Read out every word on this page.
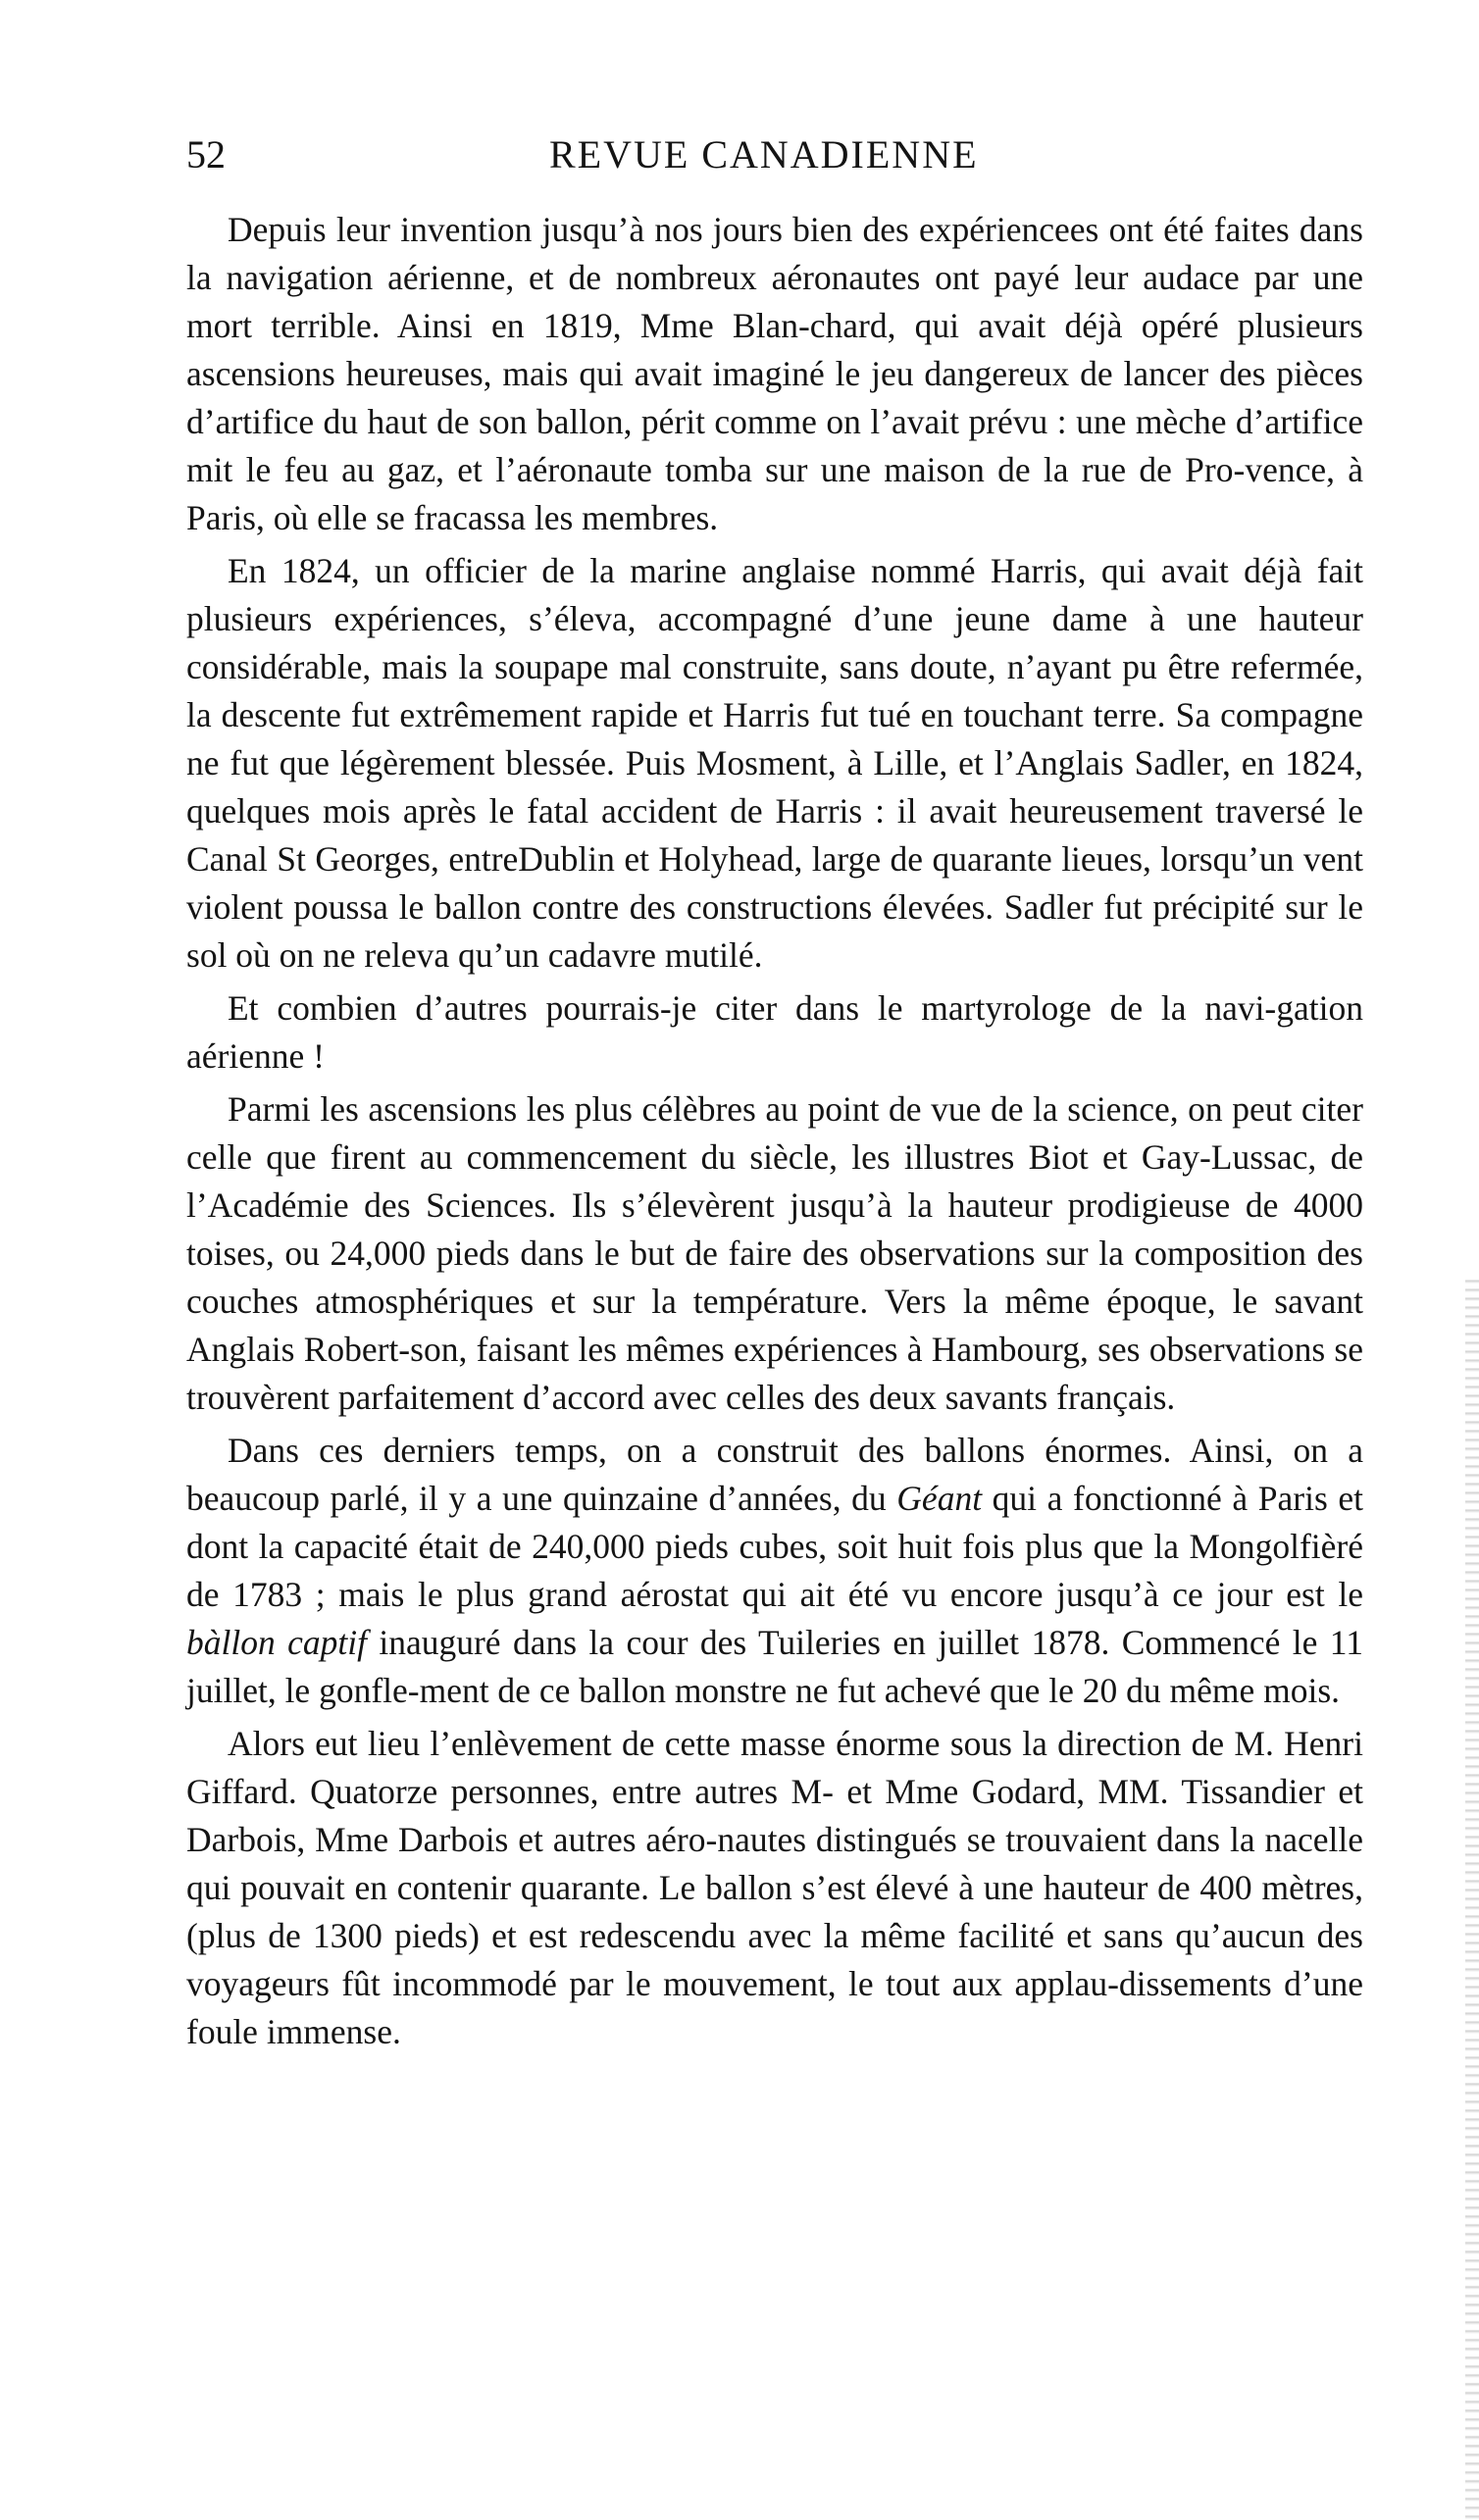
52	REVUE CANADIENNE

Depuis leur invention jusqu’à nos jours bien des expériencees ont été faites dans la navigation aérienne, et de nombreux aéronautes ont payé leur audace par une mort terrible. Ainsi en 1819, Mme Blan-chard, qui avait déjà opéré plusieurs ascensions heureuses, mais qui avait imaginé le jeu dangereux de lancer des pièces d’artifice du haut de son ballon, périt comme on l’avait prévu : une mèche d’artifice mit le feu au gaz, et l’aéronaute tomba sur une maison de la rue de Pro-vence, à Paris, où elle se fracassa les membres.

En 1824, un officier de la marine anglaise nommé Harris, qui avait déjà fait plusieurs expériences, s’éleva, accompagné d’une jeune dame à une hauteur considérable, mais la soupape mal construite, sans doute, n’ayant pu être refermée, la descente fut extrêmement rapide et Harris fut tué en touchant terre. Sa compagne ne fut que légèrement blessée. Puis Mosment, à Lille, et l’Anglais Sadler, en 1824, quelques mois après le fatal accident de Harris : il avait heureusement traversé le Canal St Georges, entreDublin et Holyhead, large de quarante lieues, lorsqu’un vent violent poussa le ballon contre des constructions élevées. Sadler fut précipité sur le sol où on ne releva qu’un cadavre mutilé.

Et combien d’autres pourrais-je citer dans le martyrologe de la navi-gation aérienne !

Parmi les ascensions les plus célèbres au point de vue de la science, on peut citer celle que firent au commencement du siècle, les illustres Biot et Gay-Lussac, de l’Académie des Sciences. Ils s’élevèrent jusqu’à la hauteur prodigieuse de 4000 toises, ou 24,000 pieds dans le but de faire des observations sur la composition des couches atmosphériques et sur la température. Vers la même époque, le savant Anglais Robert-son, faisant les mêmes expériences à Hambourg, ses observations se trouvèrent parfaitement d’accord avec celles des deux savants français.

Dans ces derniers temps, on a construit des ballons énormes. Ainsi, on a beaucoup parlé, il y a une quinzaine d’années, du Géant qui a fonctionné à Paris et dont la capacité était de 240,000 pieds cubes, soit huit fois plus que la Mongolfièré de 1783 ; mais le plus grand aérostat qui ait été vu encore jusqu’à ce jour est le bàllon captif inauguré dans la cour des Tuileries en juillet 1878. Commencé le 11 juillet, le gonfle-ment de ce ballon monstre ne fut achevé que le 20 du même mois.

Alors eut lieu l’enlèvement de cette masse énorme sous la direction de M. Henri Giffard. Quatorze personnes, entre autres M- et Mme Godard, MM. Tissandier et Darbois, Mme Darbois et autres aéro-nautes distingués se trouvaient dans la nacelle qui pouvait en contenir quarante. Le ballon s’est élevé à une hauteur de 400 mètres, (plus de 1300 pieds) et est redescendu avec la même facilité et sans qu’aucun des voyageurs fût incommodé par le mouvement, le tout aux applau-dissements d’une foule immense.
